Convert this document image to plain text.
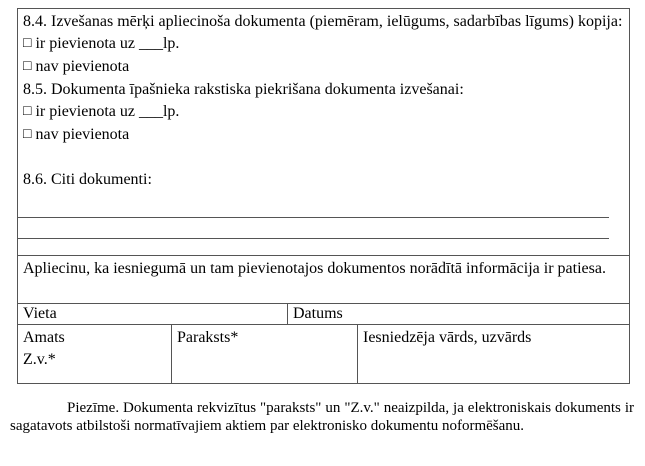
8.4. Izvešanas mērķi apliecinoša dokumenta (piemēram, ielūgums, sadarbības līgums) kopija:
□ ir pievienota uz ___lp.
□ nav pievienota
8.5. Dokumenta īpašnieka rakstiska piekrišana dokumenta izvešanai:
□ ir pievienota uz ___lp.
□ nav pievienota
8.6. Citi dokumenti:
Apliecinu, ka iesniegumā un tam pievienotajos dokumentos norādītā informācija ir patiesa.
Vieta	Datums
Amats
Z.v.*
Paraksts*	Iesniedzēja vārds, uzvārds

Piezīme. Dokumenta rekvizītus "paraksts" un "Z.v." neaizpilda, ja elektroniskais dokuments ir sagatavots atbilstoši normatīvajiem aktiem par elektronisko dokumentu noformēšanu.
